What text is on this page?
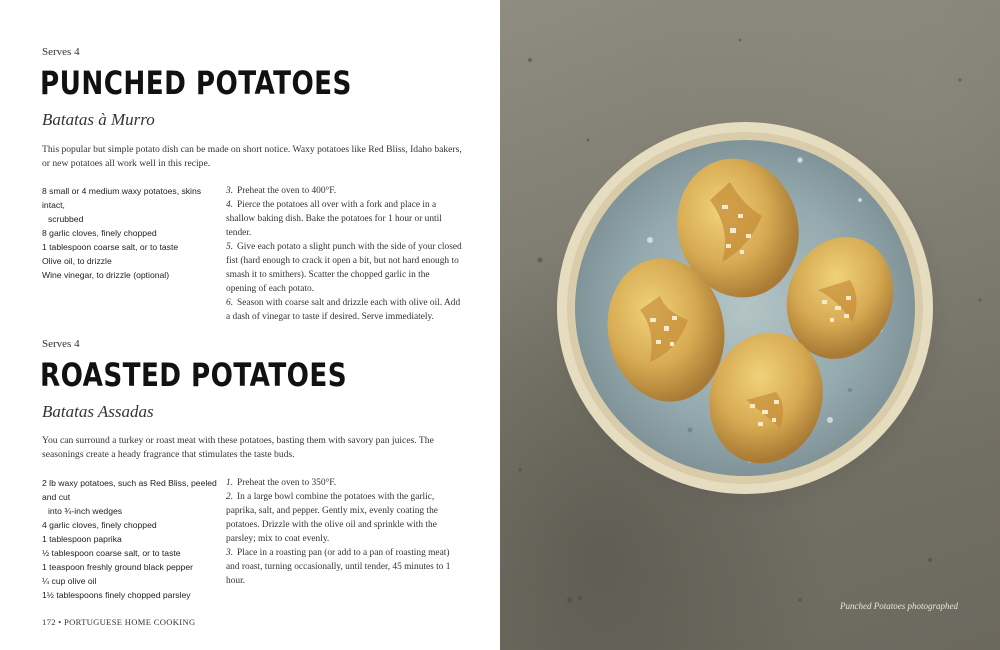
Serves 4
PUNCHED POTATOES
Batatas à Murro
This popular but simple potato dish can be made on short notice. Waxy potatoes like Red Bliss, Idaho bakers, or new potatoes all work well in this recipe.
8 small or 4 medium waxy potatoes, skins intact,
scrubbed
8 garlic cloves, finely chopped
1 tablespoon coarse salt, or to taste
Olive oil, to drizzle
Wine vinegar, to drizzle (optional)
3. Preheat the oven to 400°F.
4. Pierce the potatoes all over with a fork and place in a shallow baking dish. Bake the potatoes for 1 hour or until tender.
5. Give each potato a slight punch with the side of your closed fist (hard enough to crack it open a bit, but not hard enough to smash it to smithers). Scatter the chopped garlic in the opening of each potato.
6. Season with coarse salt and drizzle each with olive oil. Add a dash of vinegar to taste if desired. Serve immediately.
Serves 4
ROASTED POTATOES
Batatas Assadas
You can surround a turkey or roast meat with these potatoes, basting them with savory pan juices. The seasonings create a heady fragrance that stimulates the taste buds.
2 lb waxy potatoes, such as Red Bliss, peeled and cut
into ¾-inch wedges
4 garlic cloves, finely chopped
1 tablespoon paprika
½ tablespoon coarse salt, or to taste
1 teaspoon freshly ground black pepper
¼ cup olive oil
1½ tablespoons finely chopped parsley
1. Preheat the oven to 350°F.
2. In a large bowl combine the potatoes with the garlic, paprika, salt, and pepper. Gently mix, evenly coating the potatoes. Drizzle with the olive oil and sprinkle with the parsley; mix to coat evenly.
3. Place in a roasting pan (or add to a pan of roasting meat) and roast, turning occasionally, until tender, 45 minutes to 1 hour.
172 • PORTUGUESE HOME COOKING
Punched Potatoes photographed
